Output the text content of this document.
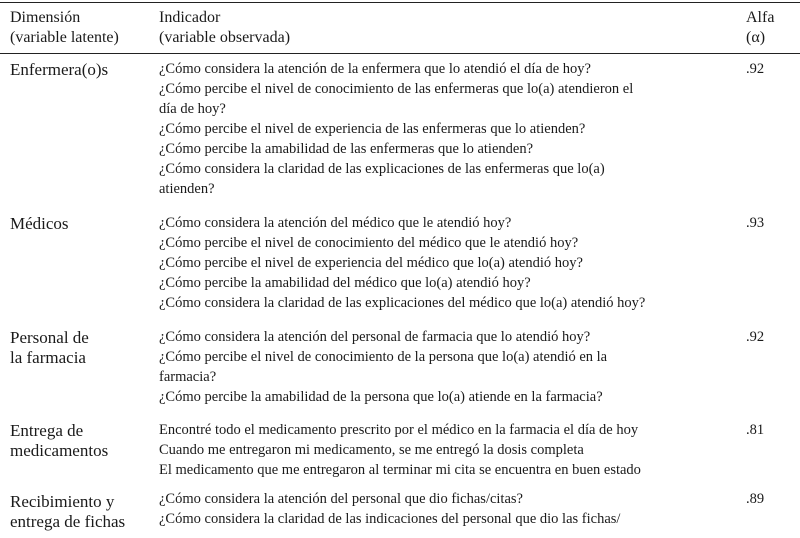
Dimensión
(variable latente)
Indicador
(variable observada)
Alfa
(α)
Enfermera(o)s	¿Cómo considera la atención de la enfermera que lo atendió el día de hoy?
¿Cómo percibe el nivel de conocimiento de las enfermeras que lo(a) atendieron el
día de hoy?
¿Cómo percibe el nivel de experiencia de las enfermeras que lo atienden?
¿Cómo percibe la amabilidad de las enfermeras que lo atienden?
¿Cómo considera la claridad de las explicaciones de las enfermeras que lo(a)
atienden?
.92
Médicos	¿Cómo considera la atención del médico que le atendió hoy?
¿Cómo percibe el nivel de conocimiento del médico que le atendió hoy?
¿Cómo percibe el nivel de experiencia del médico que lo(a) atendió hoy?
¿Cómo percibe la amabilidad del médico que lo(a) atendió hoy?
¿Cómo considera la claridad de las explicaciones del médico que lo(a) atendió hoy?
.93
Personal de
la farmacia
¿Cómo considera la atención del personal de farmacia que lo atendió hoy?
¿Cómo percibe el nivel de conocimiento de la persona que lo(a) atendió en la
farmacia?
¿Cómo percibe la amabilidad de la persona que lo(a) atiende en la farmacia?
.92
Entrega de
medicamentos
Encontré todo el medicamento prescrito por el médico en la farmacia el día de hoy
Cuando me entregaron mi medicamento, se me entregó la dosis completa
El medicamento que me entregaron al terminar mi cita se encuentra en buen estado
.81
Recibimiento y
entrega de fichas
¿Cómo considera la atención del personal que dio fichas/citas?
¿Cómo considera la claridad de las indicaciones del personal que dio las fichas/
.89
